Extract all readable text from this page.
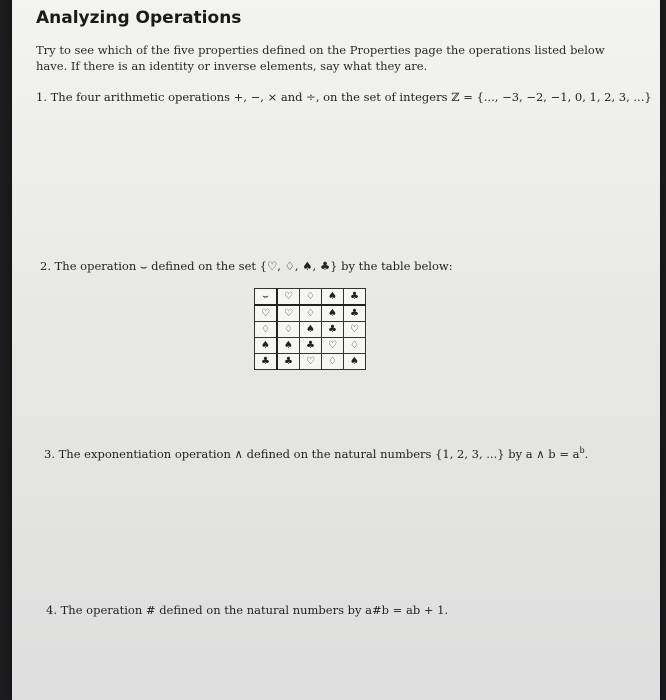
Analyzing Operations
Try to see which of the five properties defined on the Properties page the operations listed below have. If there is an identity or inverse elements, say what they are.
1. The four arithmetic operations +, −, × and ÷, on the set of integers ℤ = {..., −3, −2, −1, 0, 1, 2, 3, ...}
2. The operation ⌣ defined on the set {♡, ♢, ♠, ♣} by the table below:
⌣	♡	♢	♠	♣
♡	♡	♢	♠	♣
♢	♢	♠	♣	♡
♠	♠	♣	♡	♢
♣	♣	♡	♢	♠
3. The exponentiation operation ∧ defined on the natural numbers {1, 2, 3, ...} by a ∧ $b = a^b$.
4. The operation # defined on the natural numbers by a#b = ab + 1.
